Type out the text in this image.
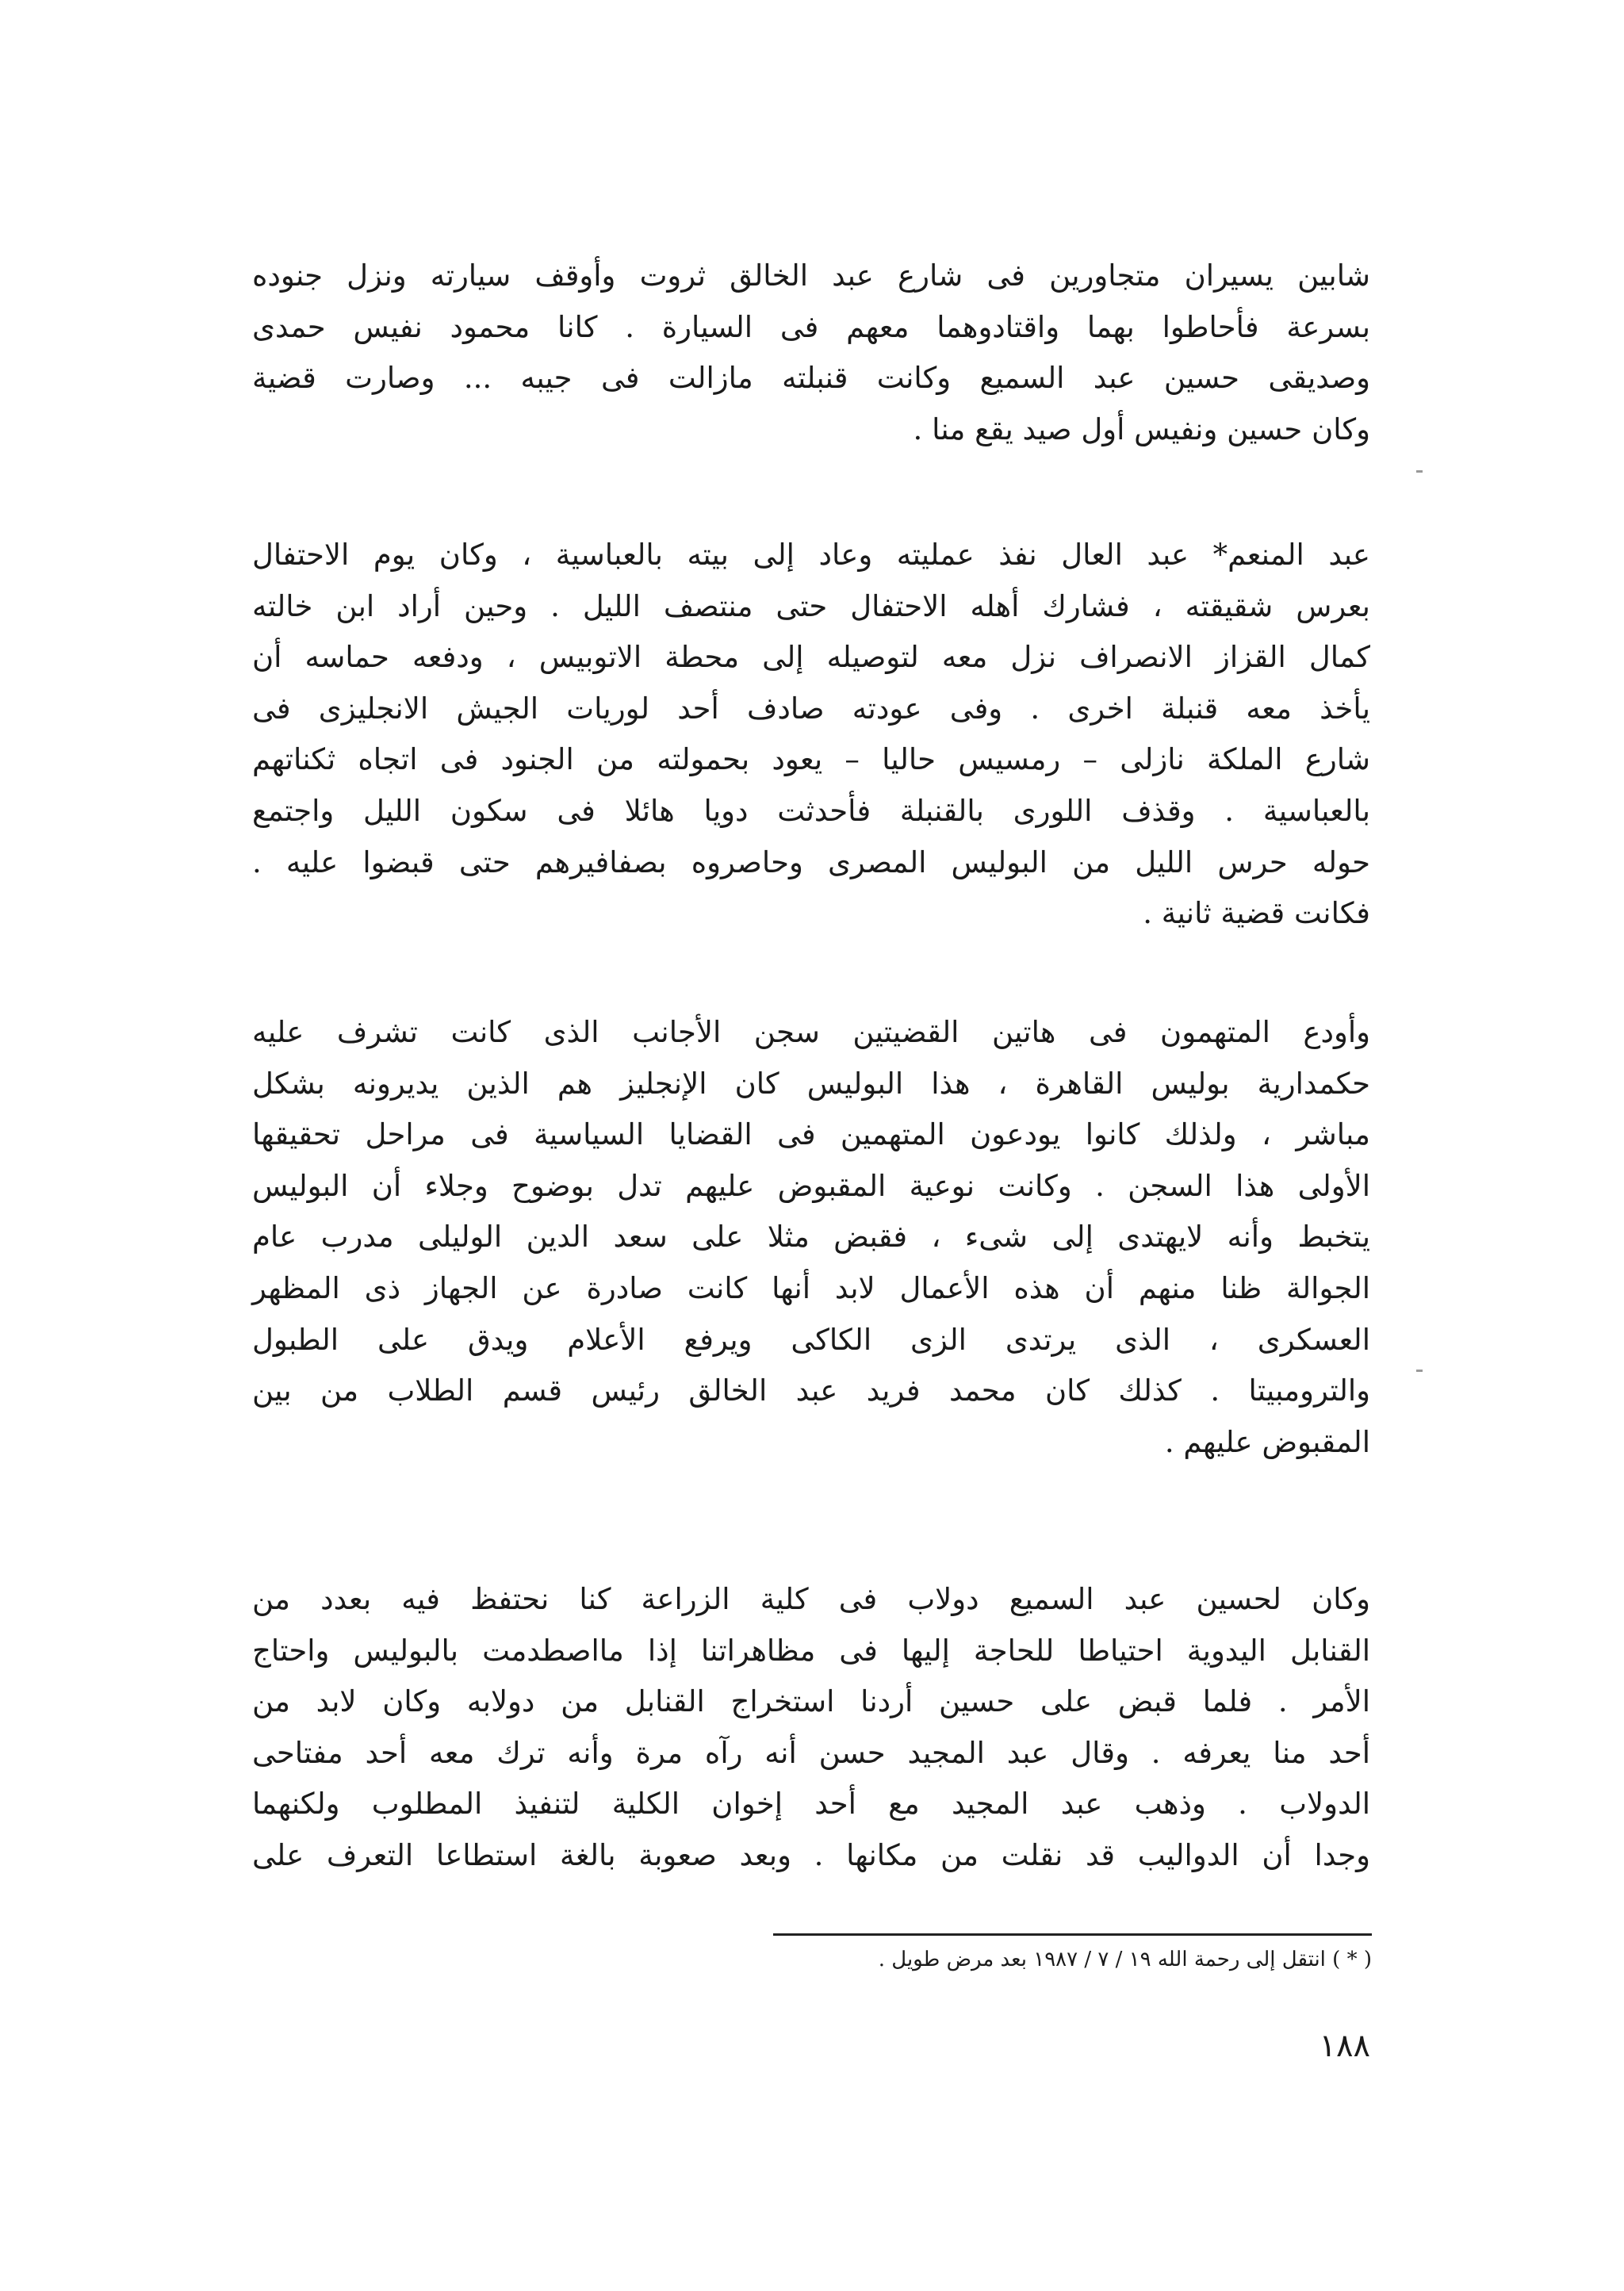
شابين يسيران متجاورين فى شارع عبد الخالق ثروت وأوقف سيارته ونزل جنوده
بسرعة فأحاطوا بهما واقتادوهما معهم فى السيارة . كانا محمود نفيس حمدى
وصديقى حسين عبد السميع وكانت قنبلته مازالت فى جيبه ... وصارت قضية
وكان حسين ونفيس أول صيد يقع منا .
عبد المنعم* عبد العال نفذ عمليته وعاد إلى بيته بالعباسية ، وكان يوم الاحتفال
بعرس شقيقته ، فشارك أهله الاحتفال حتى منتصف الليل . وحين أراد ابن خالته
كمال القزاز الانصراف نزل معه لتوصيله إلى محطة الاتوبيس ، ودفعه حماسه أن
يأخذ معه قنبلة اخرى . وفى عودته صادف أحد لوريات الجيش الانجليزى فى
شارع الملكة نازلى – رمسيس حاليا – يعود بحمولته من الجنود فى اتجاه ثكناتهم
بالعباسية . وقذف اللورى بالقنبلة فأحدثت دويا هائلا فى سكون الليل واجتمع
حوله حرس الليل من البوليس المصرى وحاصروه بصفافيرهم حتى قبضوا عليه .
فكانت قضية ثانية .
وأودع المتهمون فى هاتين القضيتين سجن الأجانب الذى كانت تشرف عليه
حكمدارية بوليس القاهرة ، هذا البوليس كان الإنجليز هم الذين يديرونه بشكل
مباشر ، ولذلك كانوا يودعون المتهمين فى القضايا السياسية فى مراحل تحقيقها
الأولى هذا السجن . وكانت نوعية المقبوض عليهم تدل بوضوح وجلاء أن البوليس
يتخبط وأنه لايهتدى إلى شىء ، فقبض مثلا على سعد الدين الوليلى مدرب عام
الجوالة ظنا منهم أن هذه الأعمال لابد أنها كانت صادرة عن الجهاز ذى المظهر
العسكرى ، الذى يرتدى الزى الكاكى ويرفع الأعلام ويدق على الطبول
والترومبيتا . كذلك كان محمد فريد عبد الخالق رئيس قسم الطلاب من بين
المقبوض عليهم .
وكان لحسين عبد السميع دولاب فى كلية الزراعة كنا نحتفظ فيه بعدد من
القنابل اليدوية احتياطا للحاجة إليها فى مظاهراتنا إذا مااصطدمت بالبوليس واحتاج
الأمر . فلما قبض على حسين أردنا استخراج القنابل من دولابه وكان لابد من
أحد منا يعرفه . وقال عبد المجيد حسن أنه رآه مرة وأنه ترك معه أحد مفتاحى
الدولاب . وذهب عبد المجيد مع أحد إخوان الكلية لتنفيذ المطلوب ولكنهما
وجدا أن الدواليب قد نقلت من مكانها . وبعد صعوبة بالغة استطاعا التعرف على
( * ) انتقل إلى رحمة الله ١٩ / ٧ / ١٩٨٧ بعد مرض طويل .
١٨٨
